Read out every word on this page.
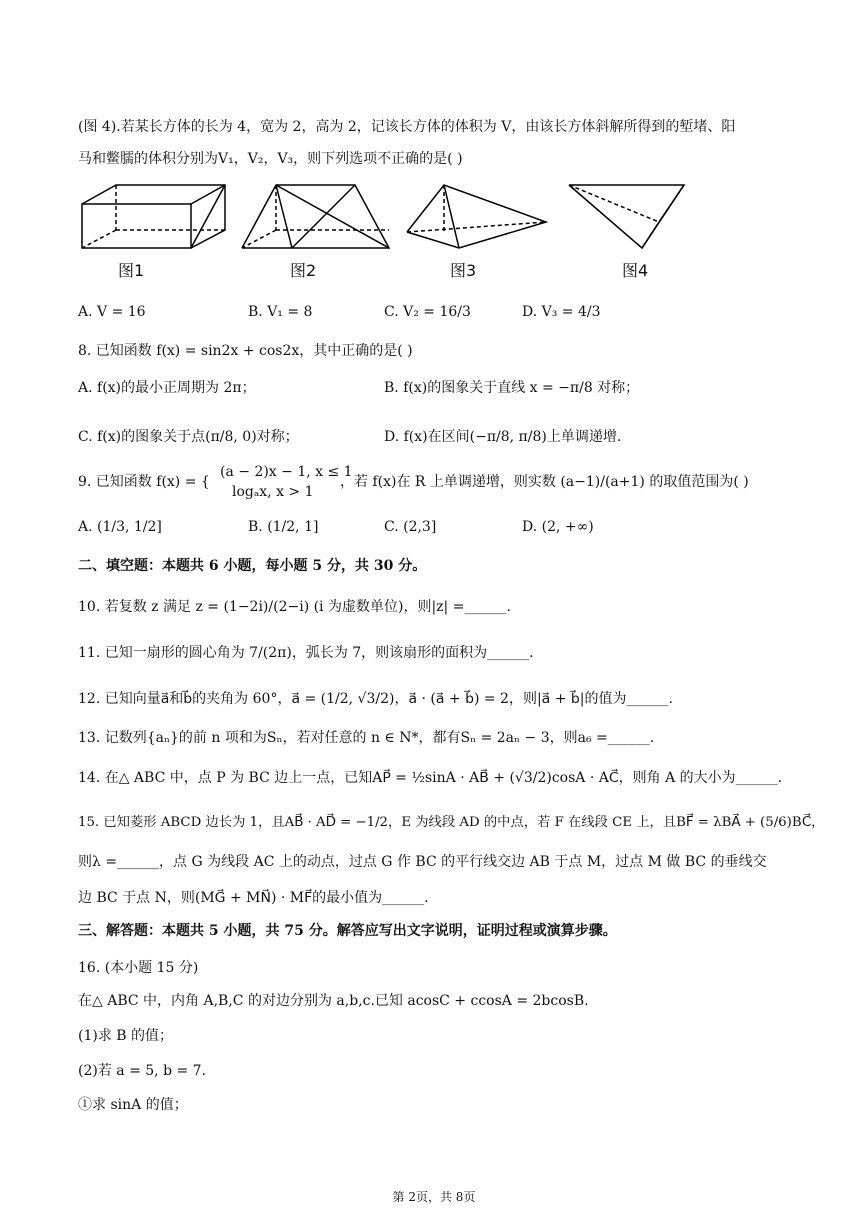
(图 4).若某长方体的长为 4，宽为 2，高为 2，记该长方体的体积为 V，由该长方体斜解所得到的堑堵、阳
马和鳖臑的体积分别为V₁，V₂，V₃，则下列选项不正确的是( )
图1	图2	图3	图4
A. V = 16	B. V₁ = 8	C. V₂ = 16/3	D. V₃ = 4/3
8. 已知函数 f(x) = sin2x + cos2x，其中正确的是( )
A. f(x)的最小正周期为 2π；	B. f(x)的图象关于直线 x = −π/8 对称；
C. f(x)的图象关于点(π/8, 0)对称；	D. f(x)在区间(−π/8, π/8)上单调递增.
9. 已知函数 f(x) = {
(a − 2)x − 1, x ≤ 1
logₐx, x > 1
，若 f(x)在 R 上单调递增，则实数 (a−1)/(a+1) 的取值范围为( )
A. (1/3, 1/2]	B. (1/2, 1]	C. (2,3]	D. (2, +∞)
二、填空题：本题共 6 小题，每小题 5 分，共 30 分。
10. 若复数 z 满足 z = (1−2i)/(2−i) (i 为虚数单位)，则|z| =______.
11. 已知一扇形的圆心角为 7/(2π)，弧长为 7，则该扇形的面积为______.
12. 已知向量a⃗和b⃗的夹角为 60°，a⃗ = (1/2, √3/2)，a⃗ · (a⃗ + b⃗) = 2，则|a⃗ + b⃗|的值为______.
13. 记数列{aₙ}的前 n 项和为Sₙ，若对任意的 n ∈ N*，都有Sₙ = 2aₙ − 3，则a₆ =______.
14. 在△ ABC 中，点 P 为 BC 边上一点，已知AP⃗ = ½sinA · AB⃗ + (√3/2)cosA · AC⃗，则角 A 的大小为______.
15. 已知菱形 ABCD 边长为 1，且AB⃗ · AD⃗ = −1/2，E 为线段 AD 的中点，若 F 在线段 CE 上，且BF⃗ = λBA⃗ + (5/6)BC⃗，
则λ =______，点 G 为线段 AC 上的动点，过点 G 作 BC 的平行线交边 AB 于点 M，过点 M 做 BC 的垂线交
边 BC 于点 N，则(MG⃗ + MN⃗) · MF⃗的最小值为______.
三、解答题：本题共 5 小题，共 75 分。解答应写出文字说明，证明过程或演算步骤。
16. (本小题 15 分)
在△ ABC 中，内角 A,B,C 的对边分别为 a,b,c.已知 acosC + ccosA = 2bcosB.
(1)求 B 的值；
(2)若 a = 5, b = 7.
①求 sinA 的值；
第 2页，共 8页
